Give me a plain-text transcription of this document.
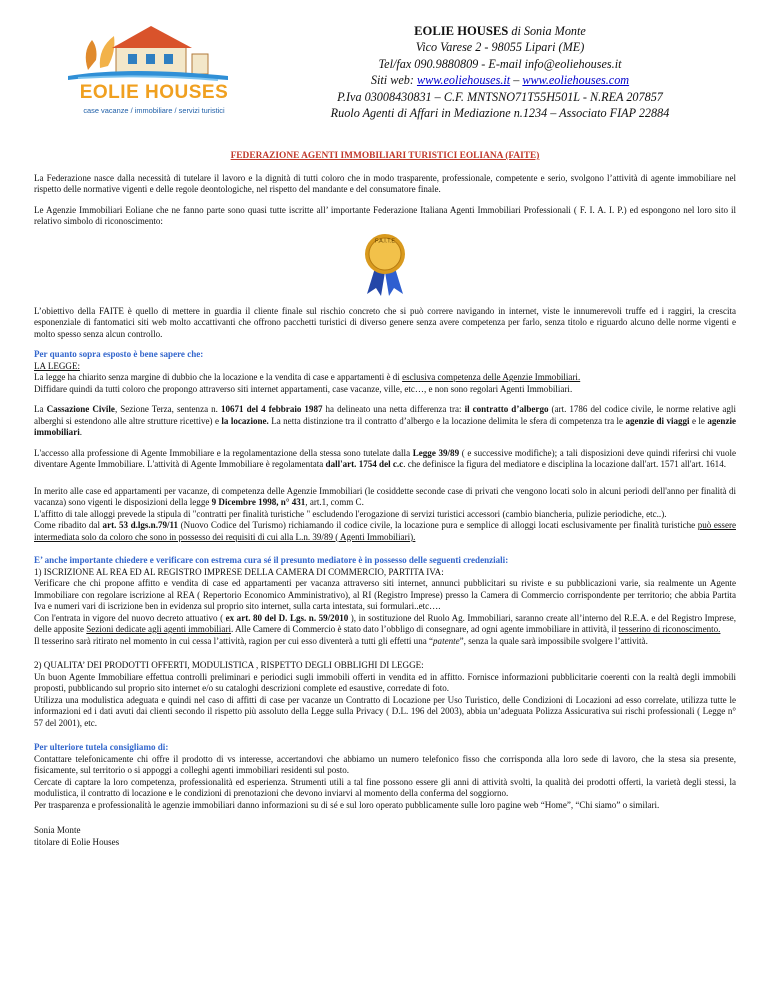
EOLIE HOUSES
case vacanze / immobiliare / servizi turistici
EOLIE HOUSES di Sonia Monte
Vico Varese 2 - 98055 Lipari (ME)
Tel/fax 090.9880809 - E-mail info@eoliehouses.it
Siti web: www.eoliehouses.it – www.eoliehouses.com
P.Iva 03008430831 – C.F. MNTSNO71T55H501L - N.REA 207857
Ruolo Agenti di Affari in Mediazione n.1234 – Associato FIAP 22884
FEDERAZIONE AGENTI IMMOBILIARI TURISTICI EOLIANA (FAITE)

La Federazione nasce dalla necessità di tutelare il lavoro e la dignità di tutti coloro che in modo trasparente, professionale, competente e serio, svolgono l’attività di agente immobiliare nel rispetto delle normative vigenti e delle regole deontologiche, nel rispetto del mandante e del consumatore finale.

Le Agenzie Immobiliari Eoliane che ne fanno parte sono quasi tutte iscritte all’ importante Federazione Italiana Agenti Immobiliari Professionali ( F. I. A. I. P.) ed espongono nel loro sito il relativo simbolo di riconoscimento:

F.A.I.T.E

L’obiettivo della FAITE è quello di mettere in guardia il cliente finale sul rischio concreto che si può correre navigando in internet, viste le innumerevoli truffe ed i raggiri, la crescita esponenziale di fantomatici siti web molto accattivanti che offrono pacchetti turistici di diverso genere senza avere competenza per farlo, senza titolo e riguardo alcuno delle norme vigenti e molto spesso senza alcun controllo.

Per quanto sopra esposto è bene sapere che:
LA LEGGE:
La legge ha chiarito senza margine di dubbio che la locazione e la vendita di case e appartamenti è di esclusiva competenza delle Agenzie Immobiliari.
Diffidare quindi da tutti coloro che propongo attraverso siti internet appartamenti, case vacanze, ville, etc…, e non sono regolari Agenti Immobiliari.

La Cassazione Civile, Sezione Terza, sentenza n. 10671 del 4 febbraio 1987 ha delineato una netta differenza tra: il contratto d’albergo (art. 1786 del codice civile, le norme relative agli alberghi si estendono alle altre strutture ricettive) e la locazione. La netta distinzione tra il contratto d’albergo e la locazione delimita le sfera di competenza tra le agenzie di viaggi e le agenzie immobiliari.

L'accesso alla professione di Agente Immobiliare e la regolamentazione della stessa sono tutelate dalla Legge 39/89 ( e successive modifiche); a tali disposizioni deve quindi riferirsi chi vuole diventare Agente Immobiliare. L'attività di Agente Immobiliare è regolamentata dall'art. 1754 del c.c. che definisce la figura del mediatore e disciplina la locazione dall'art. 1571 all'art. 1614.

In merito alle case ed appartamenti per vacanze, di competenza delle Agenzie Immobiliari (le cosiddette seconde case di privati che vengono locati solo in alcuni periodi dell'anno per finalità di vacanza) sono vigenti le disposizioni della legge 9 Dicembre 1998, n° 431, art.1, comm C.
L'affitto di tale alloggi prevede la stipula di "contratti per finalità turistiche " escludendo l'erogazione di servizi turistici accessori (cambio biancheria, pulizie periodiche, etc..).
Come ribadito dal art. 53 d.lgs.n.79/11 (Nuovo Codice del Turismo) richiamando il codice civile, la locazione pura e semplice di alloggi locati esclusivamente per finalità turistiche può essere intermediata solo da coloro che sono in possesso dei requisiti di cui alla L.n. 39/89 ( Agenti Immobiliari).

E’ anche importante chiedere e verificare con estrema cura sé il presunto mediatore è in possesso delle seguenti credenziali:
1) ISCRIZIONE AL REA ED AL REGISTRO IMPRESE DELLA CAMERA DI COMMERCIO, PARTITA IVA:
Verificare che chi propone affitto e vendita di case ed appartamenti per vacanza attraverso siti internet, annunci pubblicitari su riviste e su pubblicazioni varie, sia realmente un Agente Immobiliare con regolare iscrizione al REA ( Repertorio Economico Amministrativo), al RI (Registro Imprese) presso la Camera di Commercio corrispondente per territorio; che abbia Partita Iva e numeri vari di iscrizione ben in evidenza sul proprio sito internet, sulla carta intestata, sui formulari..etc….
Con l'entrata in vigore del nuovo decreto attuativo ( ex art. 80 del D. Lgs. n. 59/2010 ), in sostituzione del Ruolo Ag. Immobiliari, saranno create all’interno del R.E.A. e del Registro Imprese, delle apposite Sezioni dedicate agli agenti immobiliari. Alle Camere di Commercio è stato dato l’obbligo di consegnare, ad ogni agente immobiliare in attività, il tesserino di riconoscimento.
Il tesserino sarà ritirato nel momento in cui cessa l’attività, ragion per cui esso diventerà a tutti gli effetti una “patente”, senza la quale sarà impossibile svolgere l’attività.

2) QUALITA’ DEI PRODOTTI OFFERTI, MODULISTICA , RISPETTO DEGLI OBBLIGHI DI LEGGE:
Un buon Agente Immobiliare effettua controlli preliminari e periodici sugli immobili offerti in vendita ed in affitto. Fornisce informazioni pubblicitarie coerenti con la realtà degli immobili proposti, pubblicando sul proprio sito internet e/o su cataloghi descrizioni complete ed esaustive, corredate di foto.
Utilizza una modulistica adeguata e quindi nel caso di affitti di case per vacanze un Contratto di Locazione per Uso Turistico, delle Condizioni di Locazioni ad esso correlate, utilizza tutte le informazioni ed i dati avuti dai clienti secondo il rispetto più assoluto della Legge sulla Privacy ( D.L. 196 del 2003), abbia un’adeguata Polizza Assicurativa sui rischi professionali ( Legge n° 57 del 2001), etc.

Per ulteriore tutela consigliamo di:
Contattare telefonicamente chi offre il prodotto di vs interesse, accertandovi che abbiamo un numero telefonico fisso che corrisponda alla loro sede di lavoro, che la stesa sia presente, fisicamente, sul territorio o si appoggi a colleghi agenti immobiliari residenti sul posto.
Cercate di captare la loro competenza, professionalità ed esperienza. Strumenti utili a tal fine possono essere gli anni di attività svolti, la qualità dei prodotti offerti, la varietà degli stessi, la modulistica, il contratto di locazione e le condizioni di prenotazioni che devono inviarvi al momento della conferma del soggiorno.
Per trasparenza e professionalità le agenzie immobiliari danno informazioni su di sé e sul loro operato pubblicamente sulle loro pagine web “Home”, “Chi siamo” o similari.

Sonia Monte
titolare di Eolie Houses
